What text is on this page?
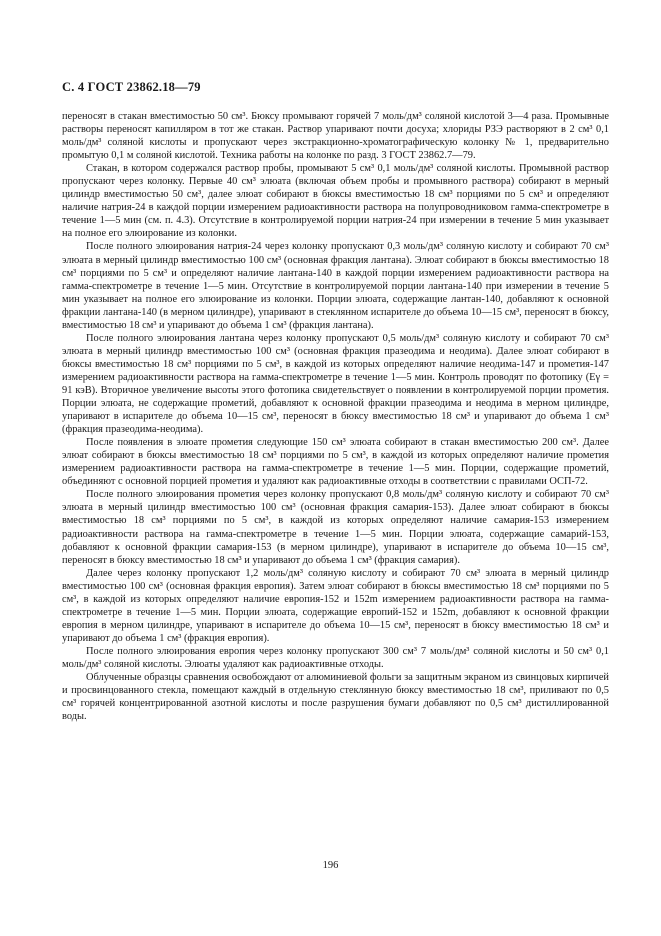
С. 4 ГОСТ 23862.18—79

переносят в стакан вместимостью 50 см³. Бюксу промывают горячей 7 моль/дм³ соляной кислотой 3—4 раза. Промывные растворы переносят капилляром в тот же стакан. Раствор упаривают почти досуха; хлориды РЗЭ растворяют в 2 см³ 0,1 моль/дм³ соляной кислоты и пропускают через экстракционно-хроматографическую колонку № 1, предварительно промытую 0,1 м соляной кислотой. Техника работы на колонке по разд. 3 ГОСТ 23862.7—79.

Стакан, в котором содержался раствор пробы, промывают 5 см³ 0,1 моль/дм³ соляной кислоты. Промывной раствор пропускают через колонку. Первые 40 см³ элюата (включая объем пробы и промывного раствора) собирают в мерный цилиндр вместимостью 50 см³, далее элюат собирают в бюксы вместимостью 18 см³ порциями по 5 см³ и определяют наличие натрия-24 в каждой порции измерением радиоактивности раствора на полупроводниковом гамма-спектрометре в течение 1—5 мин (см. п. 4.3). Отсутствие в контролируемой порции натрия-24 при измерении в течение 5 мин указывает на полное его элюирование из колонки.

После полного элюирования натрия-24 через колонку пропускают 0,3 моль/дм³ соляную кислоту и собирают 70 см³ элюата в мерный цилиндр вместимостью 100 см³ (основная фракция лантана). Элюат собирают в бюксы вместимостью 18 см³ порциями по 5 см³ и определяют наличие лантана-140 в каждой порции измерением радиоактивности раствора на гамма-спектрометре в течение 1—5 мин. Отсутствие в контролируемой порции лантана-140 при измерении в течение 5 мин указывает на полное его элюирование из колонки. Порции элюата, содержащие лантан-140, добавляют к основной фракции лантана-140 (в мерном цилиндре), упаривают в стеклянном испарителе до объема 10—15 см³, переносят в бюксу, вместимостью 18 см³ и упаривают до объема 1 см³ (фракция лантана).

После полного элюирования лантана через колонку пропускают 0,5 моль/дм³ соляную кислоту и собирают 70 см³ элюата в мерный цилиндр вместимостью 100 см³ (основная фракция празеодима и неодима). Далее элюат собирают в бюксы вместимостью 18 см³ порциями по 5 см³, в каждой из которых определяют наличие неодима-147 и прометия-147 измерением радиоактивности раствора на гамма-спектрометре в течение 1—5 мин. Контроль проводят по фотопику (Eγ = 91 кэВ). Вторичное увеличение высоты этого фотопика свидетельствует о появлении в контролируемой порции прометия. Порции элюата, не содержащие прометий, добавляют к основной фракции празеодима и неодима в мерном цилиндре, упаривают в испарителе до объема 10—15 см³, переносят в бюксу вместимостью 18 см³ и упаривают до объема 1 см³ (фракция празеодима-неодима).

После появления в элюате прометия следующие 150 см³ элюата собирают в стакан вместимостью 200 см³. Далее элюат собирают в бюксы вместимостью 18 см³ порциями по 5 см³, в каждой из которых определяют наличие прометия измерением радиоактивности раствора на гамма-спектрометре в течение 1—5 мин. Порции, содержащие прометий, объединяют с основной порцией прометия и удаляют как радиоактивные отходы в соответствии с правилами ОСП-72.

После полного элюирования прометия через колонку пропускают 0,8 моль/дм³ соляную кислоту и собирают 70 см³ элюата в мерный цилиндр вместимостью 100 см³ (основная фракция самария-153). Далее элюат собирают в бюксы вместимостью 18 см³ порциями по 5 см³, в каждой из которых определяют наличие самария-153 измерением радиоактивности раствора на гамма-спектрометре в течение 1—5 мин. Порции элюата, содержащие самарий-153, добавляют к основной фракции самария-153 (в мерном цилиндре), упаривают в испарителе до объема 10—15 см³, переносят в бюксу вместимостью 18 см³ и упаривают до объема 1 см³ (фракция самария).

Далее через колонку пропускают 1,2 моль/дм³ соляную кислоту и собирают 70 см³ элюата в мерный цилиндр вместимостью 100 см³ (основная фракция европия). Затем элюат собирают в бюксы вместимостью 18 см³ порциями по 5 см³, в каждой из которых определяют наличие европия-152 и 152m измерением радиоактивности раствора на гамма-спектрометре в течение 1—5 мин. Порции элюата, содержащие европий-152 и 152m, добавляют к основной фракции европия в мерном цилиндре, упаривают в испарителе до объема 10—15 см³, переносят в бюксу вместимостью 18 см³ и упаривают до объема 1 см³ (фракция европия).

После полного элюирования европия через колонку пропускают 300 см³ 7 моль/дм³ соляной кислоты и 50 см³ 0,1 моль/дм³ соляной кислоты. Элюаты удаляют как радиоактивные отходы.

Облученные образцы сравнения освобождают от алюминиевой фольги за защитным экраном из свинцовых кирпичей и просвинцованного стекла, помещают каждый в отдельную стеклянную бюксу вместимостью 18 см³, приливают по 0,5 см³ горячей концентрированной азотной кислоты и после разрушения бумаги добавляют по 0,5 см³ дистиллированной воды.

196
